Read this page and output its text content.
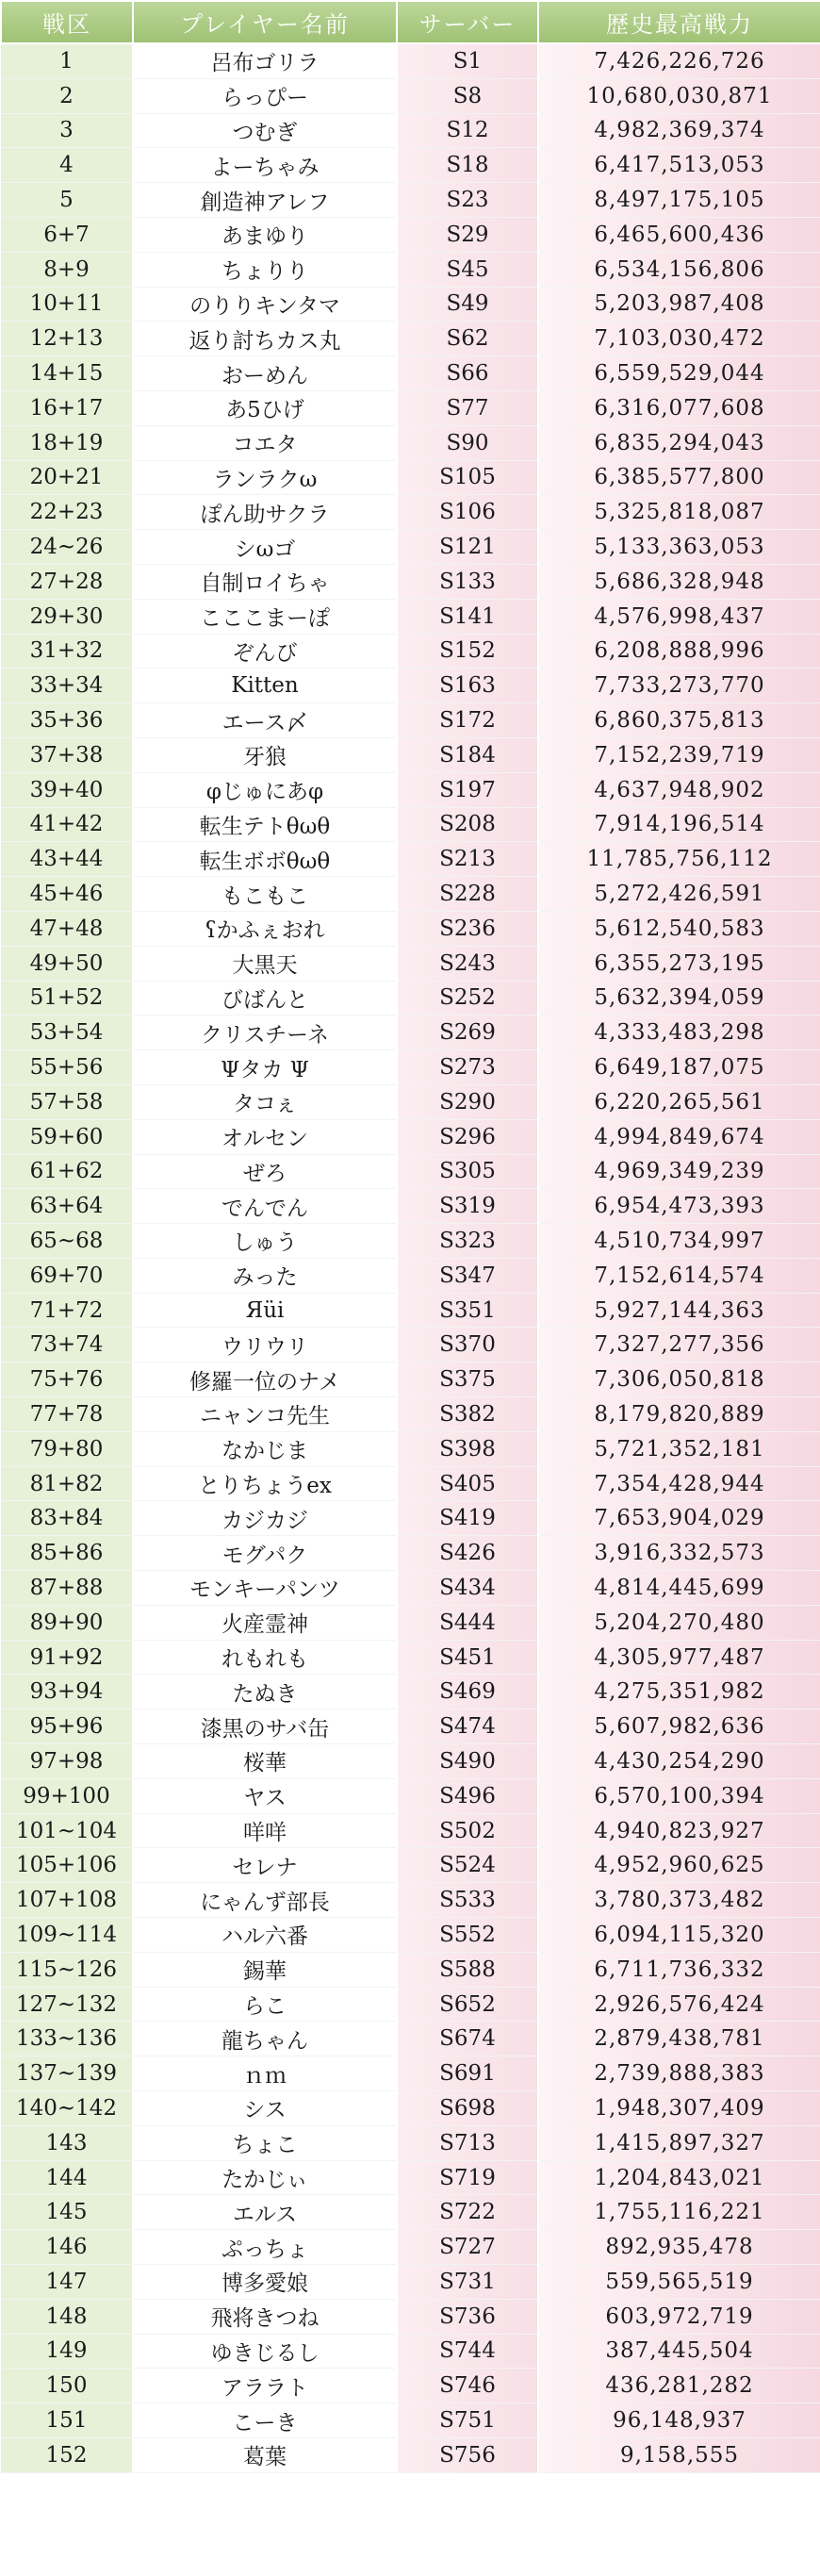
戦区	プレイヤー名前	サーバー	歴史最高戦力
1	呂布ゴリラ	S1	7,426,226,726
2	らっぴー	S8	10,680,030,871
3	つむぎ	S12	4,982,369,374
4	よーちゃみ	S18	6,417,513,053
5	創造神アレフ	S23	8,497,175,105
6+7	あまゆり	S29	6,465,600,436
8+9	ちょりり	S45	6,534,156,806
10+11	のりりキンタマ	S49	5,203,987,408
12+13	返り討ちカス丸	S62	7,103,030,472
14+15	おーめん	S66	6,559,529,044
16+17	あ5ひげ	S77	6,316,077,608
18+19	コエタ	S90	6,835,294,043
20+21	ランラクω	S105	6,385,577,800
22+23	ぽん助サクラ	S106	5,325,818,087
24~26	シωゴ	S121	5,133,363,053
27+28	自制ロイちゃ	S133	5,686,328,948
29+30	こここまーぽ	S141	4,576,998,437
31+32	ぞんび	S152	6,208,888,996
33+34	Kitten	S163	7,733,273,770
35+36	エース〆	S172	6,860,375,813
37+38	牙狼	S184	7,152,239,719
39+40	φじゅにあφ	S197	4,637,948,902
41+42	転生テトθωθ	S208	7,914,196,514
43+44	転生ボボθωθ	S213	11,785,756,112
45+46	もこもこ	S228	5,272,426,591
47+48	ʕかふぇおれ	S236	5,612,540,583
49+50	大黒天	S243	6,355,273,195
51+52	びばんと	S252	5,632,394,059
53+54	クリスチーネ	S269	4,333,483,298
55+56	Ψタカ Ψ	S273	6,649,187,075
57+58	タコぇ	S290	6,220,265,561
59+60	オルセン	S296	4,994,849,674
61+62	ぜろ	S305	4,969,349,239
63+64	でんでん	S319	6,954,473,393
65~68	しゅう	S323	4,510,734,997
69+70	みった	S347	7,152,614,574
71+72	Яüi	S351	5,927,144,363
73+74	ウリウリ	S370	7,327,277,356
75+76	修羅一位のナメ	S375	7,306,050,818
77+78	ニャンコ先生	S382	8,179,820,889
79+80	なかじま	S398	5,721,352,181
81+82	とりちょうex	S405	7,354,428,944
83+84	カジカジ	S419	7,653,904,029
85+86	モグパク	S426	3,916,332,573
87+88	モンキーパンツ	S434	4,814,445,699
89+90	火産霊神	S444	5,204,270,480
91+92	れもれも	S451	4,305,977,487
93+94	たぬき	S469	4,275,351,982
95+96	漆黒のサバ缶	S474	5,607,982,636
97+98	桜華	S490	4,430,254,290
99+100	ヤス	S496	6,570,100,394
101~104	咩咩	S502	4,940,823,927
105+106	セレナ	S524	4,952,960,625
107+108	にゃんず部長	S533	3,780,373,482
109~114	ハル六番	S552	6,094,115,320
115~126	錫華	S588	6,711,736,332
127~132	らこ	S652	2,926,576,424
133~136	龍ちゃん	S674	2,879,438,781
137~139	ｎｍ	S691	2,739,888,383
140~142	シス	S698	1,948,307,409
143	ちょこ	S713	1,415,897,327
144	たかじぃ	S719	1,204,843,021
145	エルス	S722	1,755,116,221
146	ぷっちょ	S727	892,935,478
147	博多愛娘	S731	559,565,519
148	飛将きつね	S736	603,972,719
149	ゆきじるし	S744	387,445,504
150	アララト	S746	436,281,282
151	こーき	S751	96,148,937
152	葛葉	S756	9,158,555
